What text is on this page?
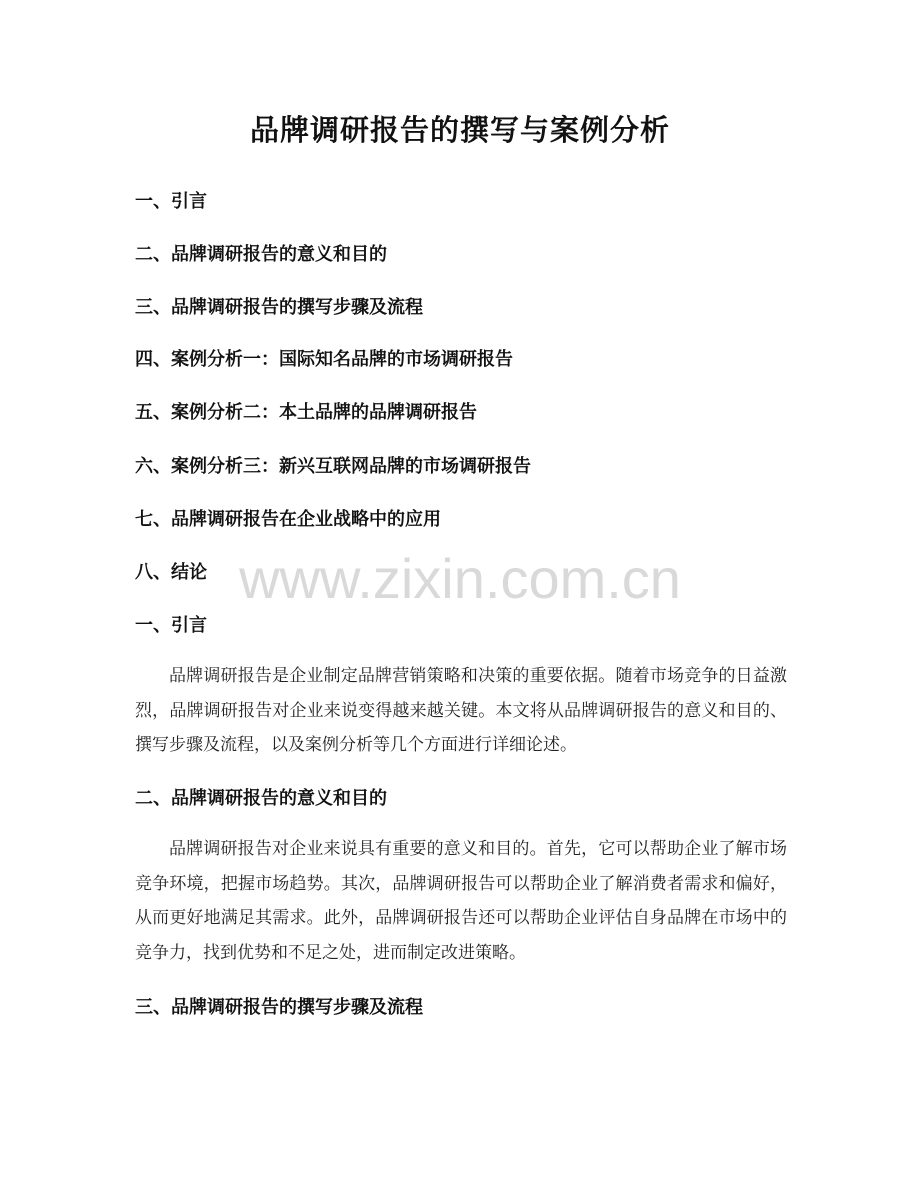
品牌调研报告的撰写与案例分析

一、引言

二、品牌调研报告的意义和目的

三、品牌调研报告的撰写步骤及流程

四、案例分析一：国际知名品牌的市场调研报告

五、案例分析二：本土品牌的品牌调研报告

六、案例分析三：新兴互联网品牌的市场调研报告

七、品牌调研报告在企业战略中的应用

八、结论 www.zixin.com.cn

一、引言

品牌调研报告是企业制定品牌营销策略和决策的重要依据。随着市场竞争的日益激烈，品牌调研报告对企业来说变得越来越关键。本文将从品牌调研报告的意义和目的、撰写步骤及流程，以及案例分析等几个方面进行详细论述。

二、品牌调研报告的意义和目的

品牌调研报告对企业来说具有重要的意义和目的。首先，它可以帮助企业了解市场竞争环境，把握市场趋势。其次，品牌调研报告可以帮助企业了解消费者需求和偏好，从而更好地满足其需求。此外，品牌调研报告还可以帮助企业评估自身品牌在市场中的竞争力，找到优势和不足之处，进而制定改进策略。

三、品牌调研报告的撰写步骤及流程
